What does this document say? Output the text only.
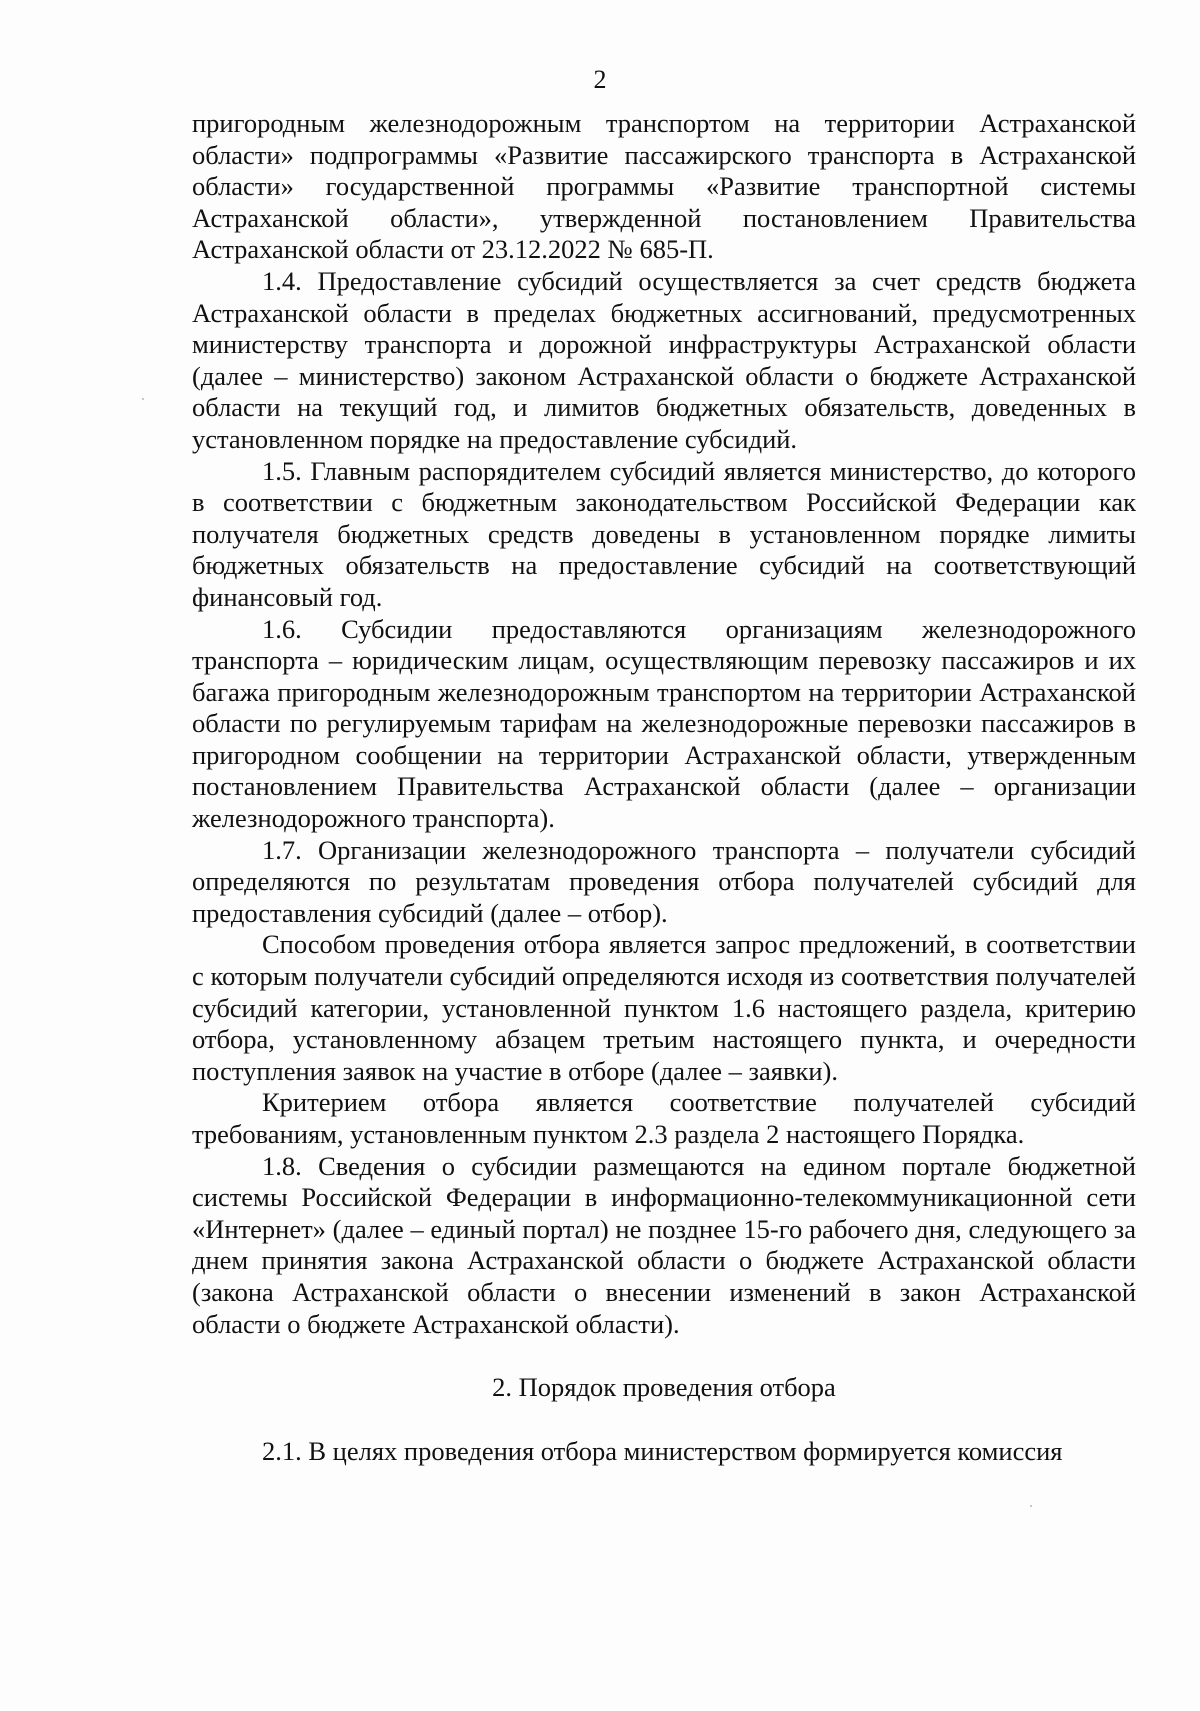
2

пригородным железнодорожным транспортом на территории Астраханской области» подпрограммы «Развитие пассажирского транспорта в Астраханской области» государственной программы «Развитие транспортной системы Астраханской области», утвержденной постановлением Правительства Астраханской области от 23.12.2022 № 685-П.

1.4. Предоставление субсидий осуществляется за счет средств бюджета Астраханской области в пределах бюджетных ассигнований, предусмотренных министерству транспорта и дорожной инфраструктуры Астраханской области (далее – министерство) законом Астраханской области о бюджете Астраханской области на текущий год, и лимитов бюджетных обязательств, доведенных в установленном порядке на предоставление субсидий.

1.5. Главным распорядителем субсидий является министерство, до которого в соответствии с бюджетным законодательством Российской Федерации как получателя бюджетных средств доведены в установленном порядке лимиты бюджетных обязательств на предоставление субсидий на соответствующий финансовый год.

1.6. Субсидии предоставляются организациям железнодорожного транспорта – юридическим лицам, осуществляющим перевозку пассажиров и их багажа пригородным железнодорожным транспортом на территории Астраханской области по регулируемым тарифам на железнодорожные перевозки пассажиров в пригородном сообщении на территории Астраханской области, утвержденным постановлением Правительства Астраханской области (далее – организации железнодорожного транспорта).

1.7. Организации железнодорожного транспорта – получатели субсидий определяются по результатам проведения отбора получателей субсидий для предоставления субсидий (далее – отбор).

Способом проведения отбора является запрос предложений, в соответствии с которым получатели субсидий определяются исходя из соответствия получателей субсидий категории, установленной пунктом 1.6 настоящего раздела, критерию отбора, установленному абзацем третьим настоящего пункта, и очередности поступления заявок на участие в отборе (далее – заявки).

Критерием отбора является соответствие получателей субсидий требованиям, установленным пунктом 2.3 раздела 2 настоящего Порядка.

1.8. Сведения о субсидии размещаются на едином портале бюджетной системы Российской Федерации в информационно-телекоммуникационной сети «Интернет» (далее – единый портал) не позднее 15-го рабочего дня, следующего за днем принятия закона Астраханской области о бюджете Астраханской области (закона Астраханской области о внесении изменений в закон Астраханской области о бюджете Астраханской области).

2. Порядок проведения отбора

2.1. В целях проведения отбора министерством формируется комиссия
